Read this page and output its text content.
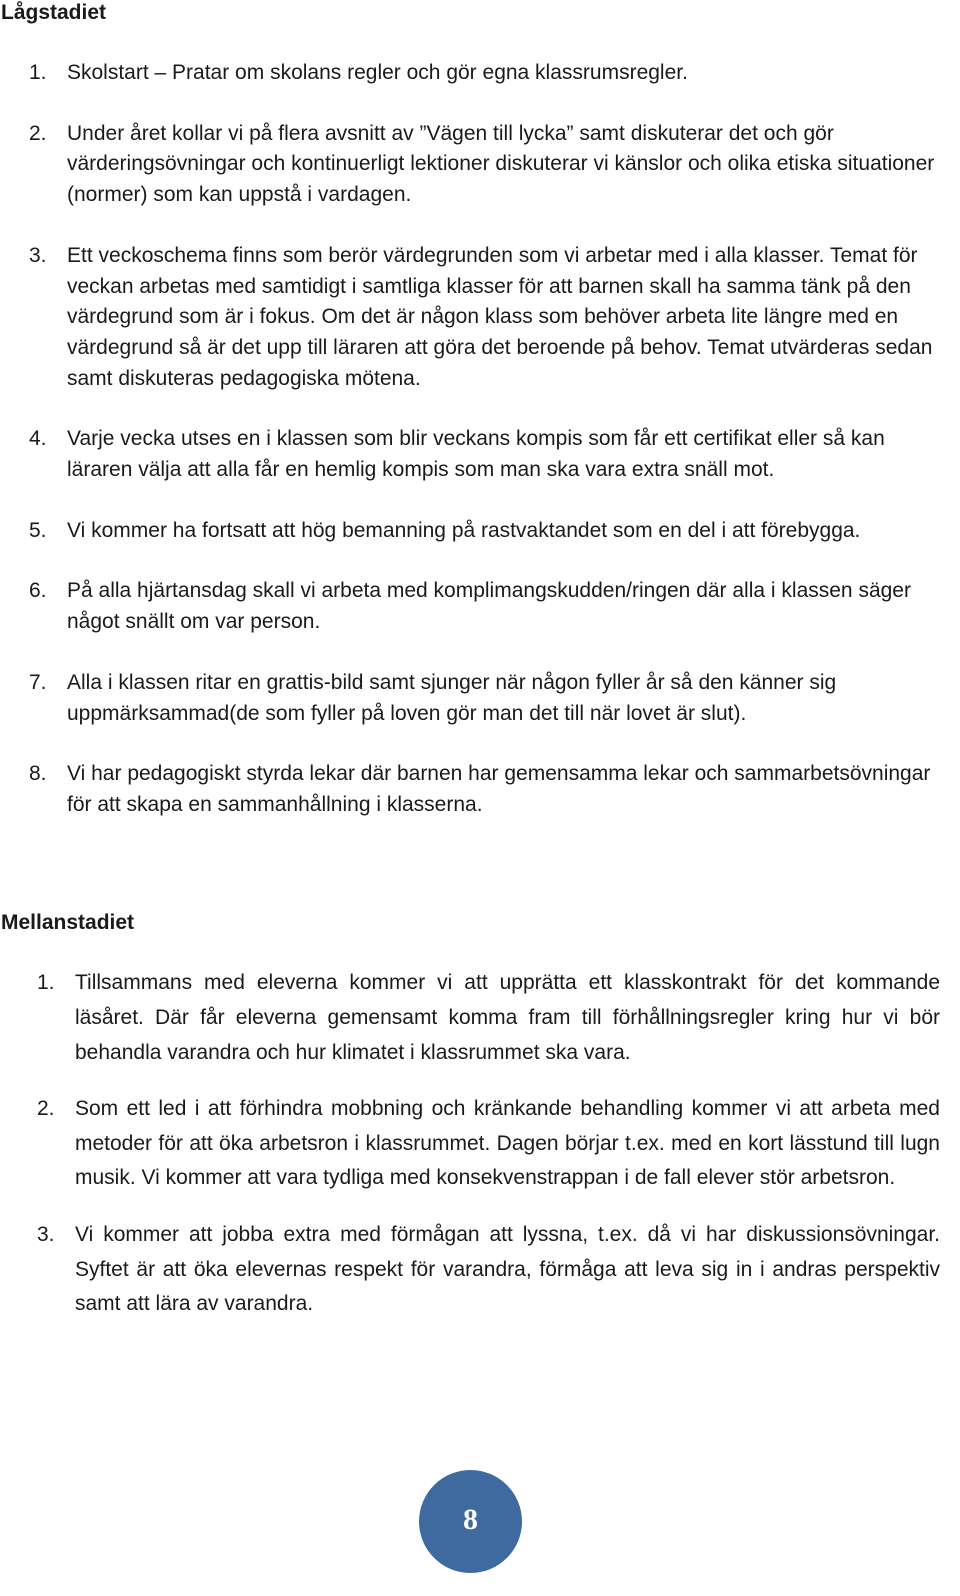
Lågstadiet
1. Skolstart – Pratar om skolans regler och gör egna klassrumsregler.
2. Under året kollar vi på flera avsnitt av ”Vägen till lycka” samt diskuterar det och gör värderingsövningar och kontinuerligt lektioner diskuterar vi känslor och olika etiska situationer (normer) som kan uppstå i vardagen.
3. Ett veckoschema finns som berör värdegrunden som vi arbetar med i alla klasser. Temat för veckan arbetas med samtidigt i samtliga klasser för att barnen skall ha samma tänk på den värdegrund som är i fokus. Om det är någon klass som behöver arbeta lite längre med en värdegrund så är det upp till läraren att göra det beroende på behov. Temat utvärderas sedan samt diskuteras pedagogiska mötena.
4. Varje vecka utses en i klassen som blir veckans kompis som får ett certifikat eller så kan läraren välja att alla får en hemlig kompis som man ska vara extra snäll mot.
5. Vi kommer ha fortsatt att hög bemanning på rastvaktandet som en del i att förebygga.
6. På alla hjärtansdag skall vi arbeta med komplimangskudden/ringen där alla i klassen säger något snällt om var person.
7. Alla i klassen ritar en grattis-bild samt sjunger när någon fyller år så den känner sig uppmärksammad(de som fyller på loven gör man det till när lovet är slut).
8. Vi har pedagogiskt styrda lekar där barnen har gemensamma lekar och sammarbetsövningar för att skapa en sammanhållning i klasserna.
Mellanstadiet
1. Tillsammans med eleverna kommer vi att upprätta ett klasskontrakt för det kommande läsåret. Där får eleverna gemensamt komma fram till förhållningsregler kring hur vi bör behandla varandra och hur klimatet i klassrummet ska vara.
2. Som ett led i att förhindra mobbning och kränkande behandling kommer vi att arbeta med metoder för att öka arbetsron i klassrummet. Dagen börjar t.ex. med en kort lässtund till lugn musik. Vi kommer att vara tydliga med konsekvenstrappan i de fall elever stör arbetsron.
3. Vi kommer att jobba extra med förmågan att lyssna, t.ex. då vi har diskussionsövningar. Syftet är att öka elevernas respekt för varandra, förmåga att leva sig in i andras perspektiv samt att lära av varandra.
8
